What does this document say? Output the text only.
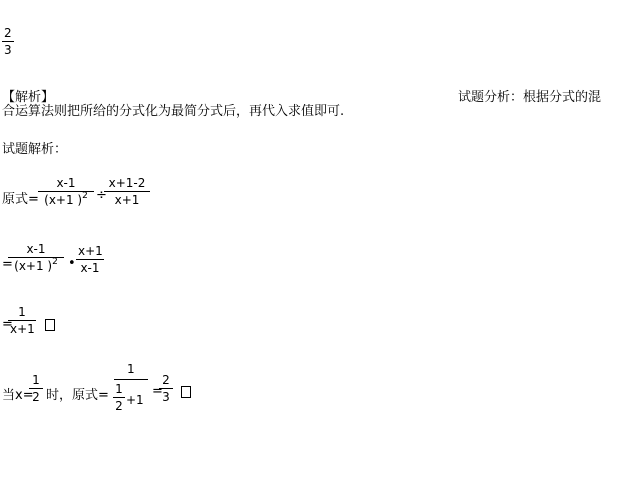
2
3
【解析】	试题分析：根据分式的混
合运算法则把所给的分式化为最简分式后，再代入求值即可.
试题解析：
原式=
x-1
(x+1 )$^2$ ÷
x+1-2
x+1
=
x-1
(x+1 )$^2$ •
x+1
x-1
=
1
x+1
当x=
1
2 时，原式=
1
1
2 +1
=
2
3
